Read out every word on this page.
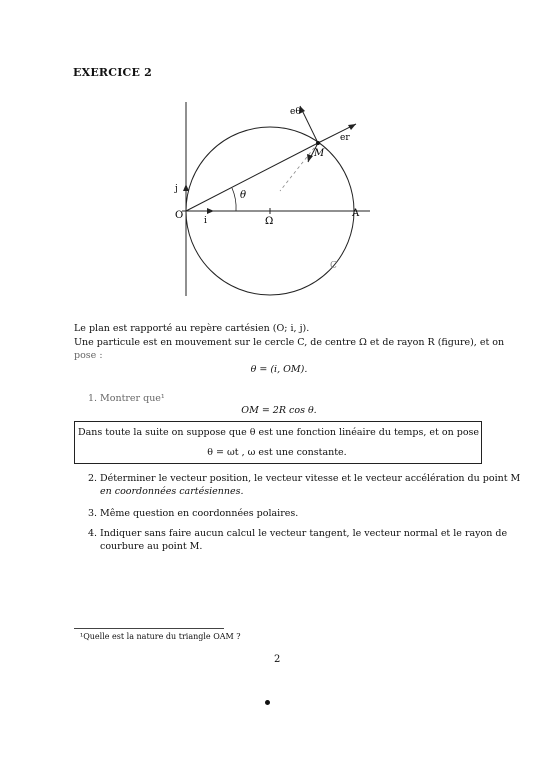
EXERCICE 2
eθ
er
M
j
i
O
Ω
A
θ
C
Le plan est rapporté au repère cartésien (O; i, j).
Une particule est en mouvement sur le cercle C, de centre Ω et de rayon R (figure), et on
pose :
θ = (i, OM).
1. Montrer que¹
OM = 2R cos θ.
Dans toute la suite on suppose que θ est une fonction linéaire du temps, et on pose
θ = ωt , ω est une constante.
2. Déterminer le vecteur position, le vecteur vitesse et le vecteur accélération du point M
en coordonnées cartésiennes.
3. Même question en coordonnées polaires.
4. Indiquer sans faire aucun calcul le vecteur tangent, le vecteur normal et le rayon de
courbure au point M.
¹Quelle est la nature du triangle OAM ?
2
